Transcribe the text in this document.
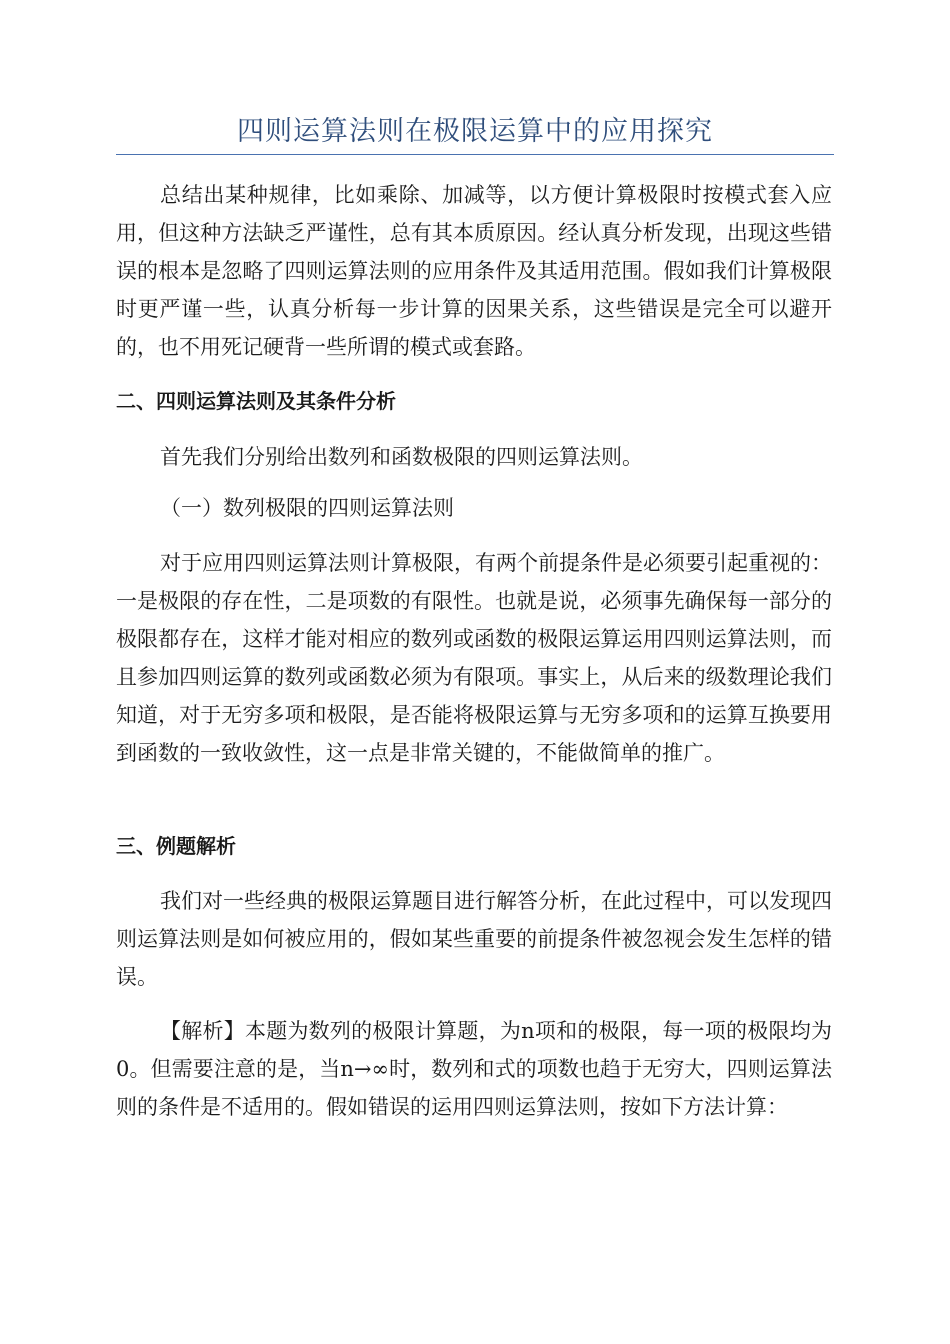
四则运算法则在极限运算中的应用探究

总结出某种规律，比如乘除、加减等，以方便计算极限时按模式套入应用，但这种方法缺乏严谨性，总有其本质原因。经认真分析发现，出现这些错误的根本是忽略了四则运算法则的应用条件及其适用范围。假如我们计算极限时更严谨一些，认真分析每一步计算的因果关系，这些错误是完全可以避开的，也不用死记硬背一些所谓的模式或套路。

二、四则运算法则及其条件分析

首先我们分别给出数列和函数极限的四则运算法则。

（一）数列极限的四则运算法则

对于应用四则运算法则计算极限，有两个前提条件是必须要引起重视的：一是极限的存在性，二是项数的有限性。也就是说，必须事先确保每一部分的极限都存在，这样才能对相应的数列或函数的极限运算运用四则运算法则，而且参加四则运算的数列或函数必须为有限项。事实上，从后来的级数理论我们知道，对于无穷多项和极限，是否能将极限运算与无穷多项和的运算互换要用到函数的一致收敛性，这一点是非常关键的，不能做简单的推广。

三、例题解析

我们对一些经典的极限运算题目进行解答分析，在此过程中，可以发现四则运算法则是如何被应用的，假如某些重要的前提条件被忽视会发生怎样的错误。

【解析】本题为数列的极限计算题，为n项和的极限，每一项的极限均为0。但需要注意的是，当n→∞时，数列和式的项数也趋于无穷大，四则运算法则的条件是不适用的。假如错误的运用四则运算法则，按如下方法计算：
